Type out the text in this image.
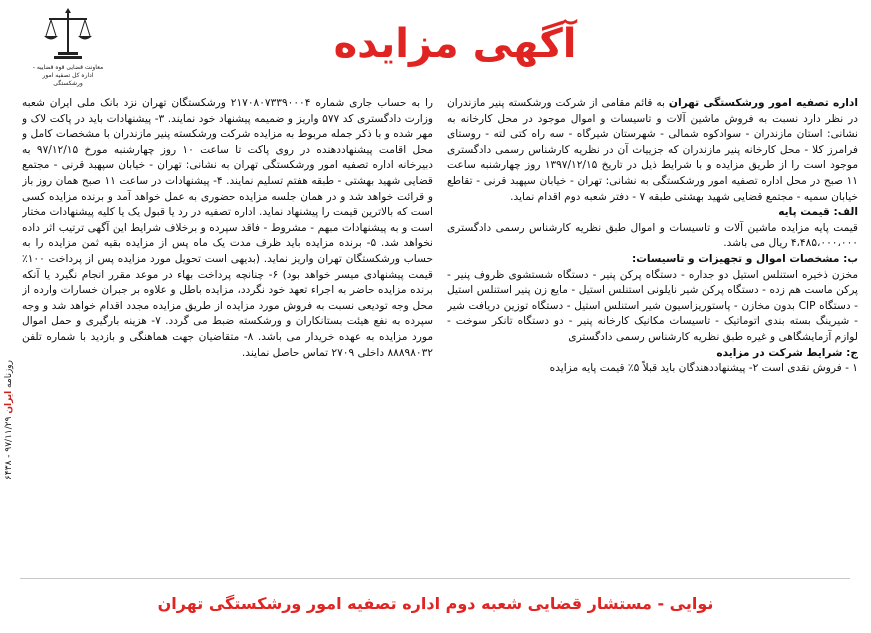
معاونت قضایی قوه قضاییه - اداره کل تصفیه امور ورشکستگی
آگهی مزایده
روزنامه ایران ۹۷/۱۱/۲۹ - ۶۴۳۸

اداره تصفیه امور ورشکستگی تهران به قائم مقامی از شرکت ورشکسته پنیر مازندران در نظر دارد نسبت به فروش ماشین آلات و تاسیسات و اموال موجود در محل کارخانه به نشانی: استان مازندران - سوادکوه شمالی - شهرستان شیرگاه - سه راه کتی لته - روستای فرامرز کلا - محل کارخانه پنیر مازندران که جزییات آن در نظریه کارشناس رسمی دادگستری موجود است را از طریق مزایده و با شرایط ذیل در تاریخ ۱۳۹۷/۱۲/۱۵ روز چهارشنبه ساعت ۱۱ صبح در محل اداره تصفیه امور ورشکستگی به نشانی: تهران - خیابان سپهبد قرنی - تقاطع خیابان سمیه - مجتمع قضایی شهید بهشتی طبقه ۷ - دفتر شعبه دوم اقدام نماید.

الف: قیمت پایه

قیمت پایه مزایده ماشین آلات و تاسیسات و اموال طبق نظریه کارشناس رسمی دادگستری ۴،۴۸۵،۰۰۰،۰۰۰ ریال می باشد.

ب: مشخصات اموال و تجهیزات و تاسیسات:

مخزن ذخیره استنلس استیل دو جداره - دستگاه پرکن پنیر - دستگاه شستشوی ظروف پنیر - پرکن ماست هم زده - دستگاه پرکن شیر نایلونی استنلس استیل - مایع زن پنیر استنلس استیل - دستگاه CIP بدون مخازن - پاستوریزاسیون شیر استنلس استیل - دستگاه توزین دریافت شیر - شیرینگ بسته بندی اتوماتیک - تاسیسات مکانیک کارخانه پنیر - دو دستگاه تانکر سوخت - لوازم آزمایشگاهی و غیره طبق نظریه کارشناس رسمی دادگستری

ج: شرایط شرکت در مزایده

۱ - فروش نقدی است ۲- پیشنهاددهندگان باید قبلاً ۵٪ قیمت پایه مزایده

را به حساب جاری شماره ۲۱۷۰۸۰۷۳۳۹۰۰۰۴ ورشکستگان تهران نزد بانک ملی ایران شعبه وزارت دادگستری کد ۵۷۷ واریز و ضمیمه پیشنهاد خود نمایند. ۳- پیشنهادات باید در پاکت لاک و مهر شده و با ذکر جمله مربوط به مزایده شرکت ورشکسته پنیر مازندران با مشخصات کامل و محل اقامت پیشنهاددهنده در روی پاکت تا ساعت ۱۰ روز چهارشنبه مورخ ۹۷/۱۲/۱۵ به دبیرخانه اداره تصفیه امور ورشکستگی تهران به نشانی: تهران - خیابان سپهبد قرنی - مجتمع قضایی شهید بهشتی - طبقه هفتم تسلیم نمایند. ۴- پیشنهادات در ساعت ۱۱ صبح همان روز باز و قرائت خواهد شد و در همان جلسه مزایده حضوری به عمل خواهد آمد و برنده مزایده کسی است که بالاترین قیمت را پیشنهاد نماید. اداره تصفیه در رد یا قبول یک یا کلیه پیشنهادات مختار است و به پیشنهادات مبهم - مشروط - فاقد سپرده و برخلاف شرایط این آگهی ترتیب اثر داده نخواهد شد. ۵- برنده مزایده باید ظرف مدت یک ماه پس از مزایده بقیه ثمن مزایده را به حساب ورشکستگان تهران واریز نماید. (بدیهی است تحویل مورد مزایده پس از پرداخت ۱۰۰٪ قیمت پیشنهادی میسر خواهد بود) ۶- چنانچه پرداخت بهاء در موعد مقرر انجام نگیرد یا آنکه برنده مزایده حاضر به اجراء تعهد خود نگردد، مزایده باطل و علاوه بر جبران خسارات وارده از محل وجه تودیعی نسبت به فروش مورد مزایده از طریق مزایده مجدد اقدام خواهد شد و وجه سپرده به نفع هیئت بستانکاران و ورشکسته ضبط می گردد. ۷- هزینه بارگیری و حمل اموال مورد مزایده به عهده خریدار می باشد. ۸- متقاضیان جهت هماهنگی و بازدید با شماره تلفن ۸۸۸۹۸۰۳۲ داخلی ۲۷۰۹ تماس حاصل نمایند.

نوایی - مستشار قضایی شعبه دوم اداره تصفیه امور ورشکستگی تهران
